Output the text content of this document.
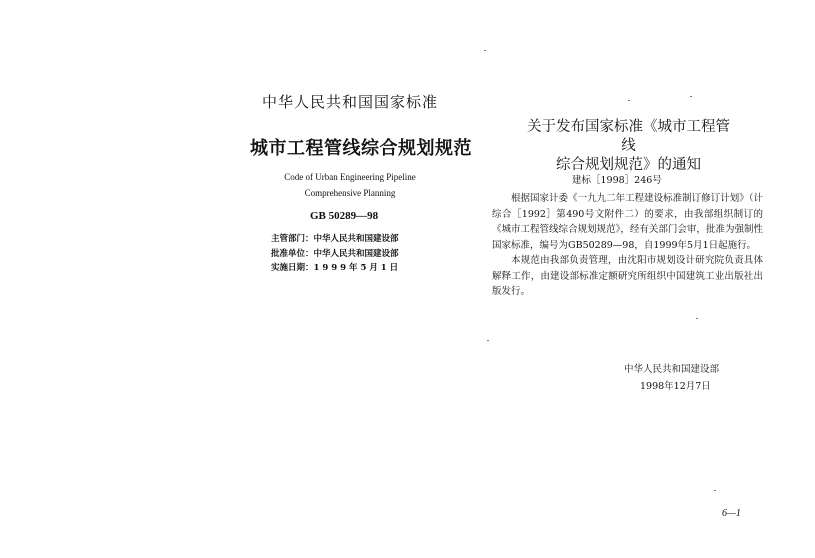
中华人民共和国国家标准
城市工程管线综合规划规范
Code of Urban Engineering Pipeline
Comprehensive Planning
GB 50289—98
主管部门：中华人民共和国建设部
批准单位：中华人民共和国建设部
实施日期：1 9 9 9 年 5 月 1 日
关于发布国家标准《城市工程管线
综合规划规范》的通知
建标［1998］246号

根据国家计委《一九九二年工程建设标准制订修订计划》（计综合［1992］第490号文附件二）的要求，由我部组织制订的《城市工程管线综合规划规范》，经有关部门会审，批准为强制性国家标准，编号为GB50289—98，自1999年5月1日起施行。

本规范由我部负责管理，由沈阳市规划设计研究院负责具体解释工作，由建设部标准定额研究所组织中国建筑工业出版社出版发行。

中华人民共和国建设部
1998年12月7日
6—1
